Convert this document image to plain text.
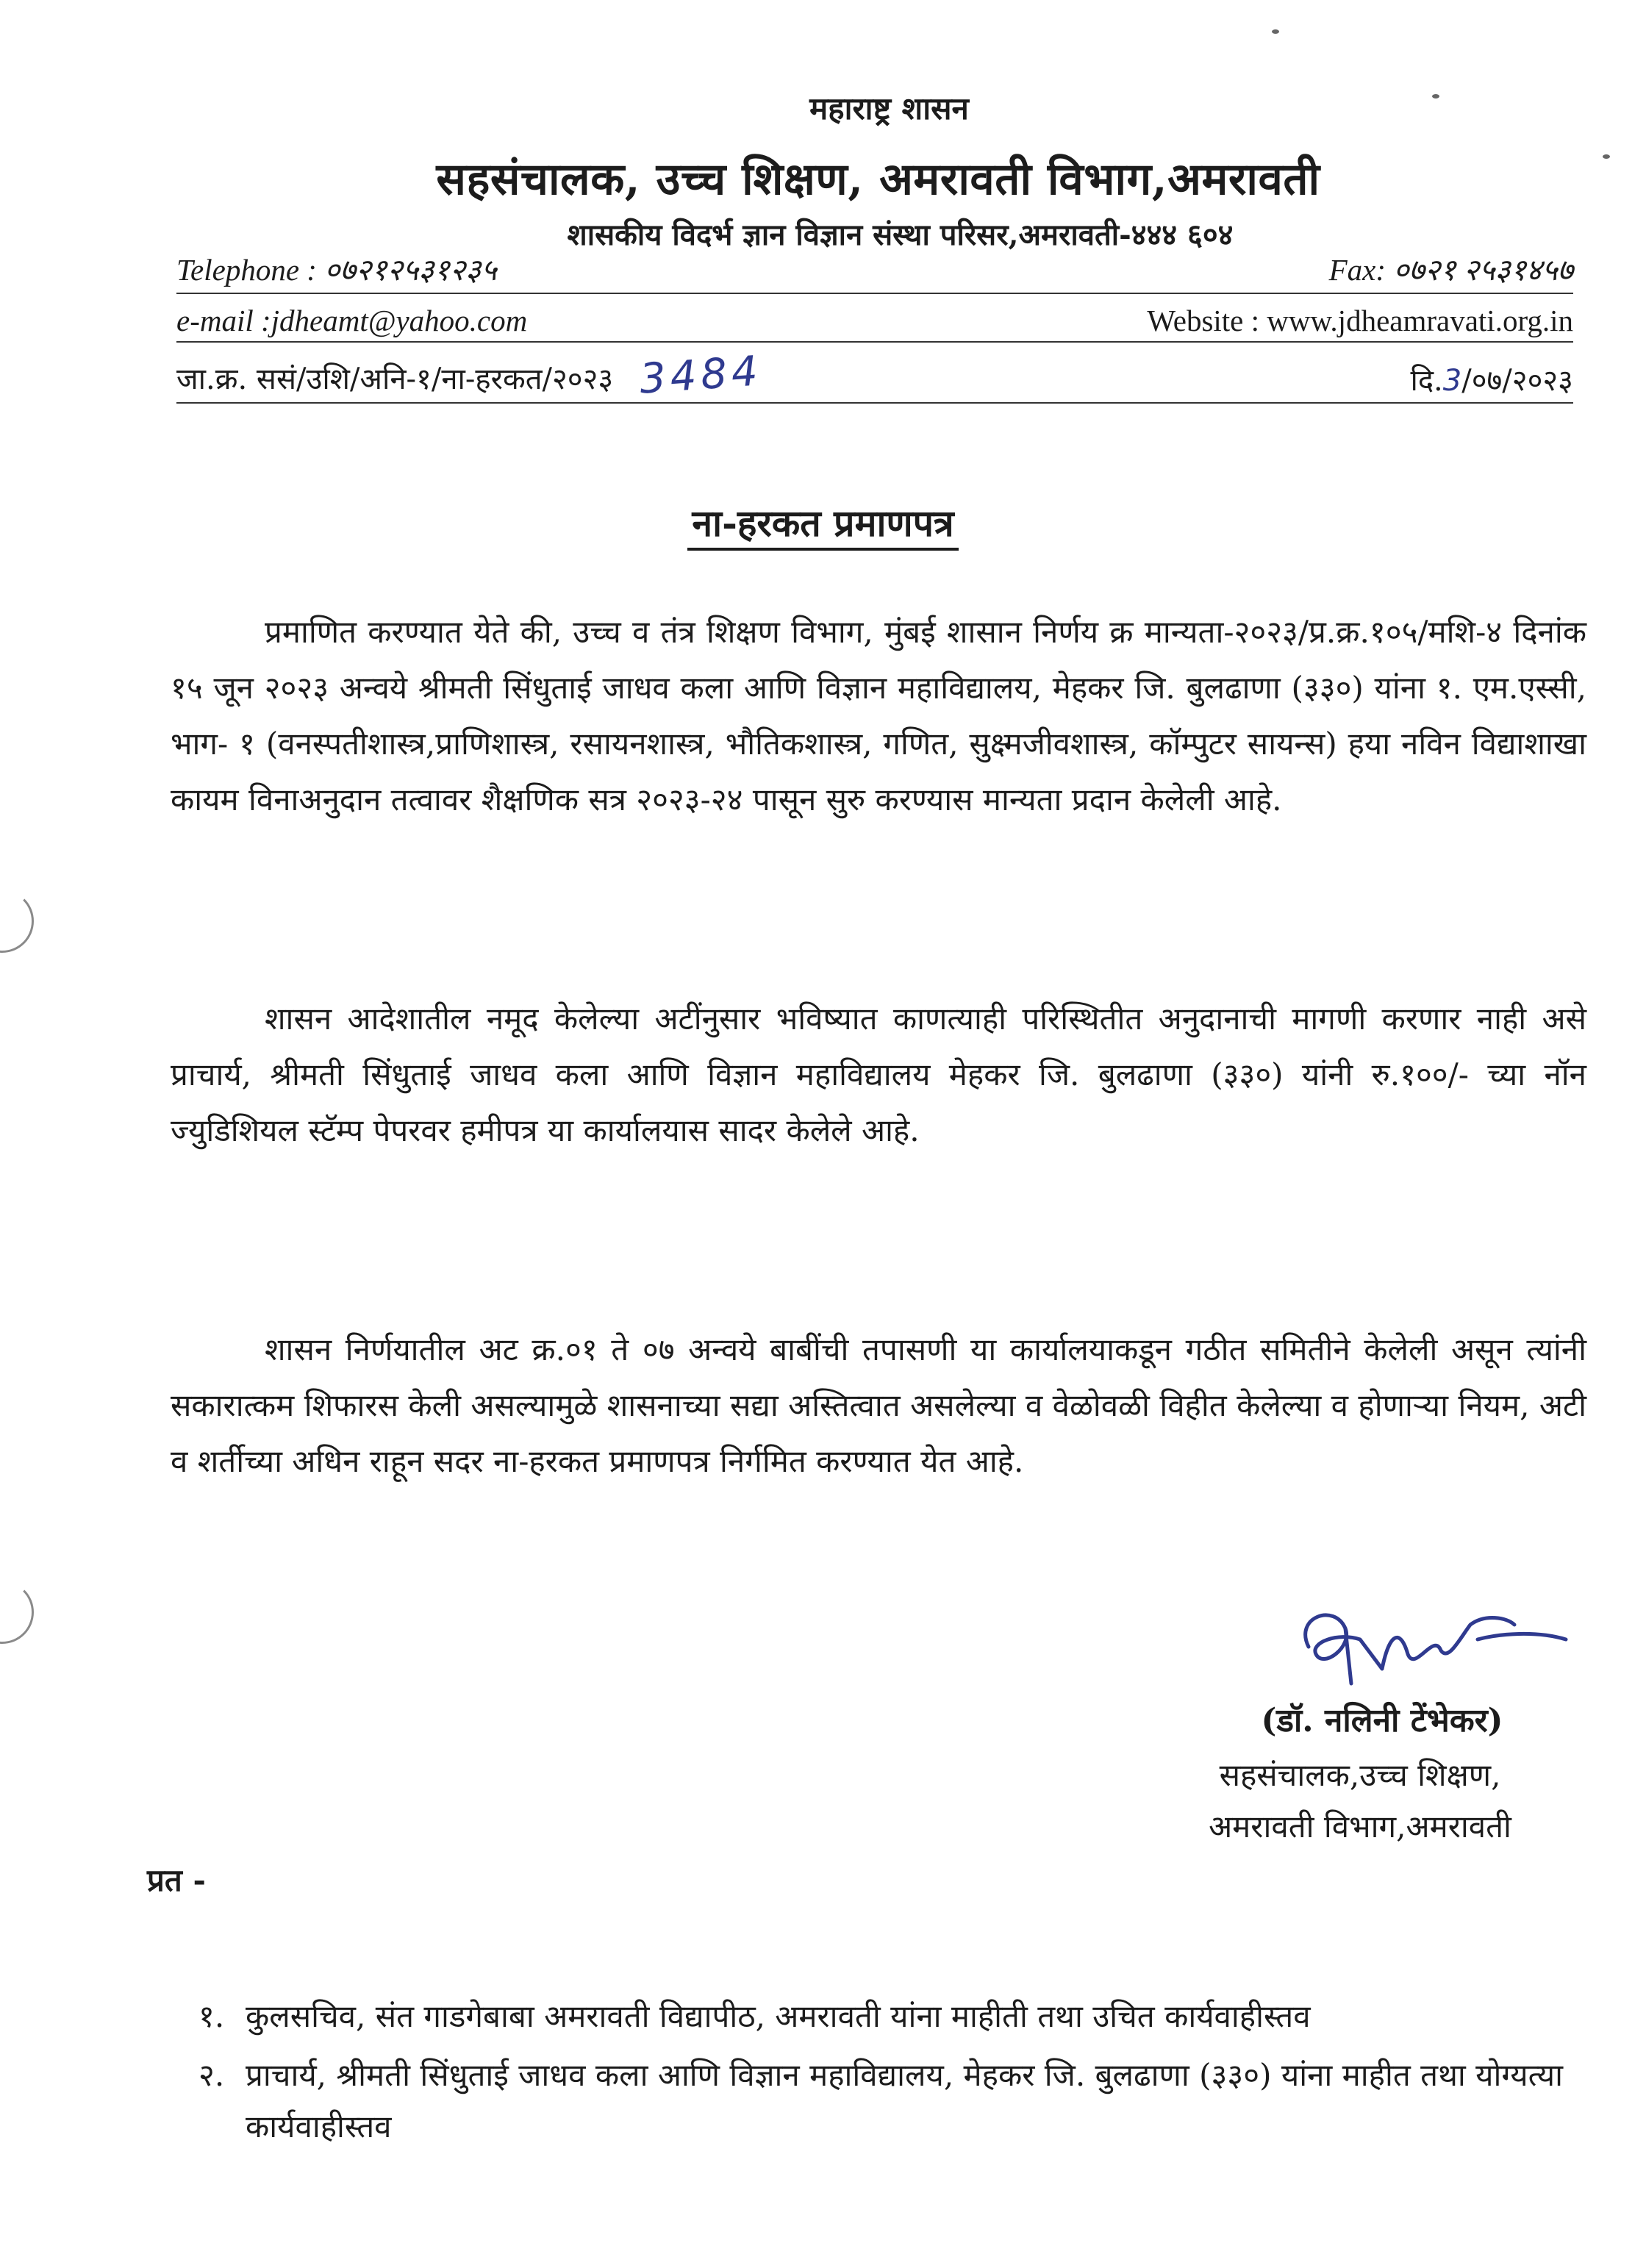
महाराष्ट्र शासन
सहसंचालक, उच्च शिक्षण, अमरावती विभाग,अमरावती
शासकीय विदर्भ ज्ञान विज्ञान संस्था परिसर,अमरावती-४४४ ६०४
Telephone : ०७२१२५३१२३५	Fax: ०७२१ २५३१४५७
e-mail :jdheamt@yahoo.com	Website : www.jdheamravati.org.in
जा.क्र. ससं/उशि/अनि-१/ना-हरकत/२०२३ 3484	दि.3/०७/२०२३
ना-हरकत प्रमाणपत्र

प्रमाणित करण्यात येते की, उच्च व तंत्र शिक्षण विभाग, मुंबई शासान निर्णय क्र मान्यता-२०२३/प्र.क्र.१०५/मशि-४ दिनांक १५ जून २०२३ अन्वये श्रीमती सिंधुताई जाधव कला आणि विज्ञान महाविद्यालय, मेहकर जि. बुलढाणा (३३०) यांना १. एम.एस्सी, भाग- १ (वनस्पतीशास्त्र,प्राणिशास्त्र, रसायनशास्त्र, भौतिकशास्त्र, गणित, सुक्ष्मजीवशास्त्र, कॉम्पुटर सायन्स) हया नविन विद्याशाखा कायम विनाअनुदान तत्वावर शैक्षणिक सत्र २०२३-२४ पासून सुरु करण्यास मान्यता प्रदान केलेली आहे.

शासन आदेशातील नमूद केलेल्या अटींनुसार भविष्यात काणत्याही परिस्थितीत अनुदानाची मागणी करणार नाही असे प्राचार्य, श्रीमती सिंधुताई जाधव कला आणि विज्ञान महाविद्यालय मेहकर जि. बुलढाणा (३३०) यांनी रु.१००/- च्या नॉन ज्युडिशियल स्टॅम्प पेपरवर हमीपत्र या कार्यालयास सादर केलेले आहे.

शासन निर्णयातील अट क्र.०१ ते ०७ अन्वये बाबींची तपासणी या कार्यालयाकडून गठीत समितीने केलेली असून त्यांनी सकारात्कम शिफारस केली असल्यामुळे शासनाच्या सद्या अस्तित्वात असलेल्या व वेळोवळी विहीत केलेल्या व होणाऱ्या नियम, अटी व शर्तीच्या अधिन राहून सदर ना-हरकत प्रमाणपत्र निर्गमित करण्यात येत आहे.

(डॉ. नलिनी टेंभेकर)
सहसंचालक,उच्च शिक्षण,
अमरावती विभाग,अमरावती
प्रत -
१. कुलसचिव, संत गाडगेबाबा अमरावती विद्यापीठ, अमरावती यांना माहीती तथा उचित कार्यवाहीस्तव
२. प्राचार्य, श्रीमती सिंधुताई जाधव कला आणि विज्ञान महाविद्यालय, मेहकर जि. बुलढाणा (३३०) यांना माहीत तथा योग्यत्या कार्यवाहीस्तव
